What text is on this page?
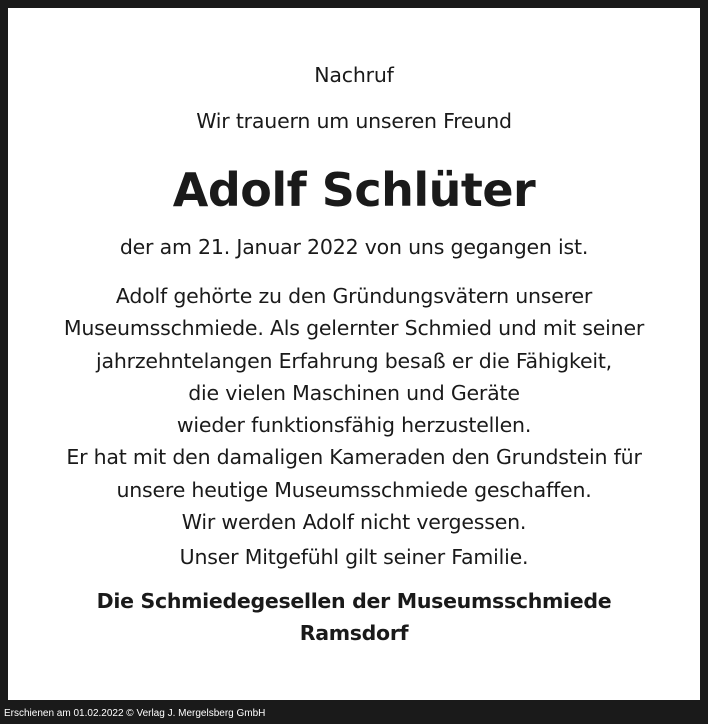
Nachruf
Wir trauern um unseren Freund
Adolf Schlüter
der am 21. Januar 2022 von uns gegangen ist.
Adolf gehörte zu den Gründungsvätern unserer
Museumsschmiede. Als gelernter Schmied und mit seiner
jahrzehntelangen Erfahrung besaß er die Fähigkeit,
die vielen Maschinen und Geräte
wieder funktionsfähig herzustellen.
Er hat mit den damaligen Kameraden den Grundstein für
unsere heutige Museumsschmiede geschaffen.
Wir werden Adolf nicht vergessen.
Unser Mitgefühl gilt seiner Familie.
Die Schmiedegesellen der Museumsschmiede
Ramsdorf
Erschienen am 01.02.2022 © Verlag J. Mergelsberg GmbH
